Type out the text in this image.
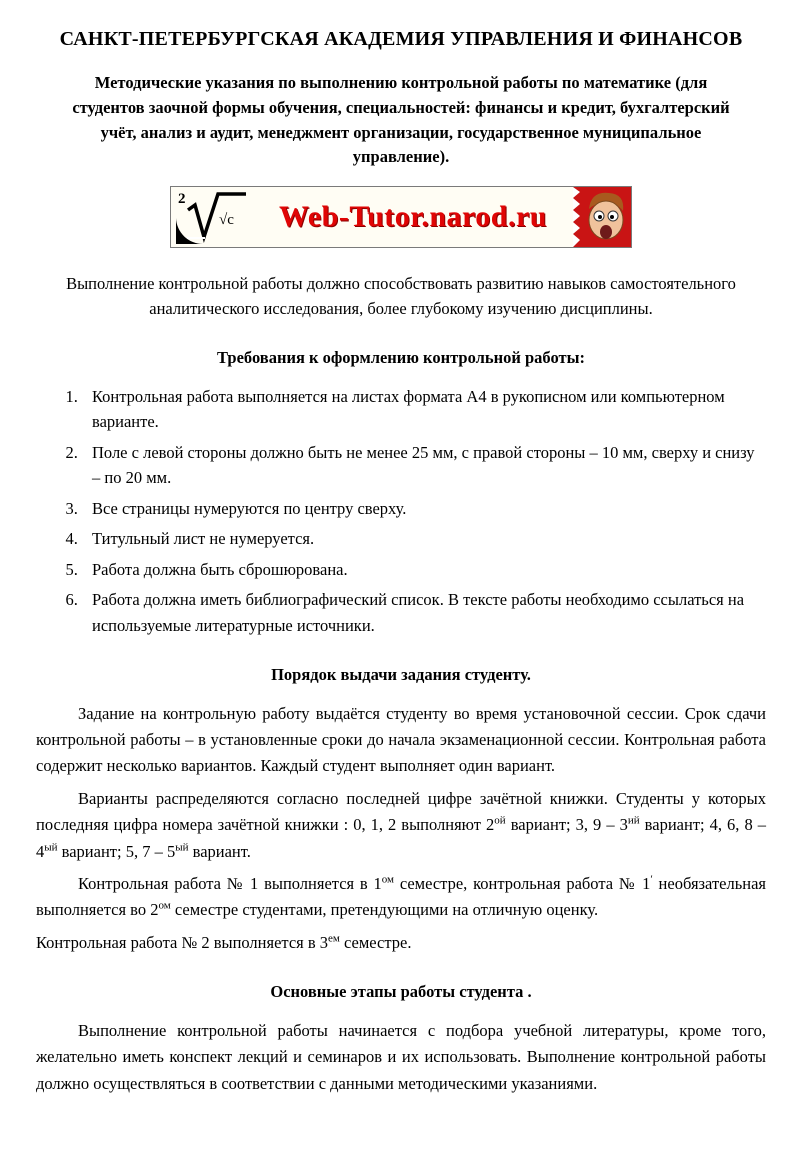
САНКТ-ПЕТЕРБУРГСКАЯ АКАДЕМИЯ УПРАВЛЕНИЯ И ФИНАНСОВ

Методические указания по выполнению контрольной работы по математике (для студентов заочной формы обучения, специальностей: финансы и кредит, бухгалтерский учёт, анализ и аудит, менеджмент организации, государственное муниципальное управление).

2
√c	Web-Tutor.narod.ru

Выполнение контрольной работы должно способствовать развитию навыков самостоятельного аналитического исследования, более глубокому изучению дисциплины.

Требования к оформлению контрольной работы:
1. Контрольная работа выполняется на листах формата А4 в рукописном или компьютерном варианте.
2. Поле с левой стороны должно быть не менее 25 мм, с правой стороны – 10 мм, сверху и снизу – по 20 мм.
3. Все страницы нумеруются по центру сверху.
4. Титульный лист не нумеруется.
5. Работа должна быть сброшюрована.
6. Работа должна иметь библиографический список. В тексте работы необходимо ссылаться на используемые литературные источники.
Порядок выдачи задания студенту.

Задание на контрольную работу выдаётся студенту во время установочной сессии. Срок сдачи контрольной работы – в установленные сроки до начала экзаменационной сессии. Контрольная работа содержит несколько вариантов. Каждый студент выполняет один вариант.

Варианты распределяются согласно последней цифре зачётной книжки. Студенты у которых последняя цифра номера зачётной книжки : 0, 1, 2 выполняют $2^{ой}$ вариант; 3, $9 - 3^{ий}$ вариант; 4, 6, $8 - 4^{ый}$ вариант; 5, $7 - 5^{ый}$ вариант.

Контрольная работа № 1 выполняется в $1^{ом}$ семестре, контрольная работа № 1′ необязательная выполняется во $2^{ом}$ семестре студентами, претендующими на отличную оценку.

Контрольная работа № 2 выполняется в $3^{ем}$ семестре.

Основные этапы работы студента .

Выполнение контрольной работы начинается с подбора учебной литературы, кроме того, желательно иметь конспект лекций и семинаров и их использовать. Выполнение контрольной работы должно осуществляться в соответствии с данными методическими указаниями.
